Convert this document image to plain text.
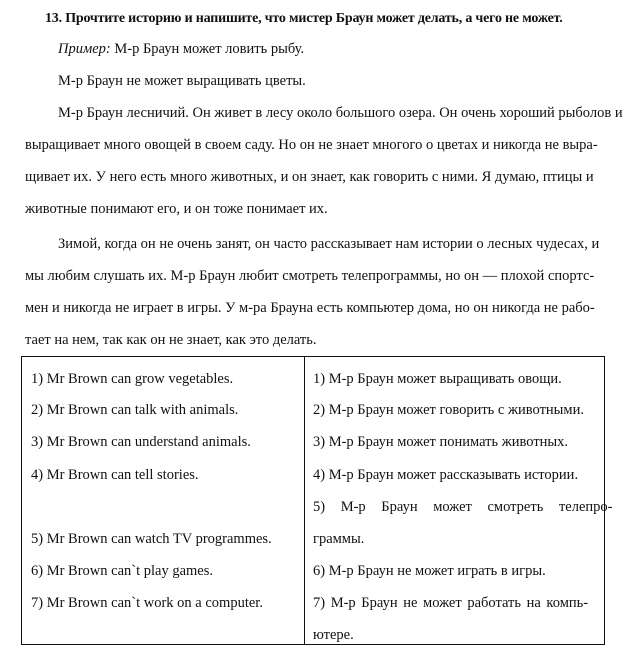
13. Прочтите историю и напишите, что мистер Браун может делать, а чего не может.
Пример: М-р Браун может ловить рыбу.
М-р Браун не может выращивать цветы.
М-р Браун лесничий. Он живет в лесу около большого озера. Он очень хороший рыболов и
выращивает много овощей в своем саду. Но он не знает многого о цветах и никогда не выра-
щивает их. У него есть много животных, и он знает, как говорить с ними. Я думаю, птицы и
животные понимают его, и он тоже понимает их.
Зимой, когда он не очень занят, он часто рассказывает нам истории о лесных чудесах, и
мы любим слушать их. М-р Браун любит смотреть телепрограммы, но он — плохой спортс-
мен и никогда не играет в игры. У м-ра Брауна есть компьютер дома, но он никогда не рабо-
тает на нем, так как он не знает, как это делать.
1) Mr Brown can grow vegetables.
2) Mr Brown can talk with animals.
3) Mr Brown can understand animals.
4) Mr Brown can tell stories.
5) Mr Brown can watch TV programmes.
6) Mr Brown can`t play games.
7) Mr Brown can`t work on a computer.
1) М-р Браун может выращивать овощи.
2) М-р Браун может говорить с животными.
3) М-р Браун может понимать животных.
4) М-р Браун может рассказывать истории.
5) М-р Браун может смотреть телепро-
граммы.
6) М-р Браун не может играть в игры.
7) М-р Браун не может работать на компь-
ютере.
